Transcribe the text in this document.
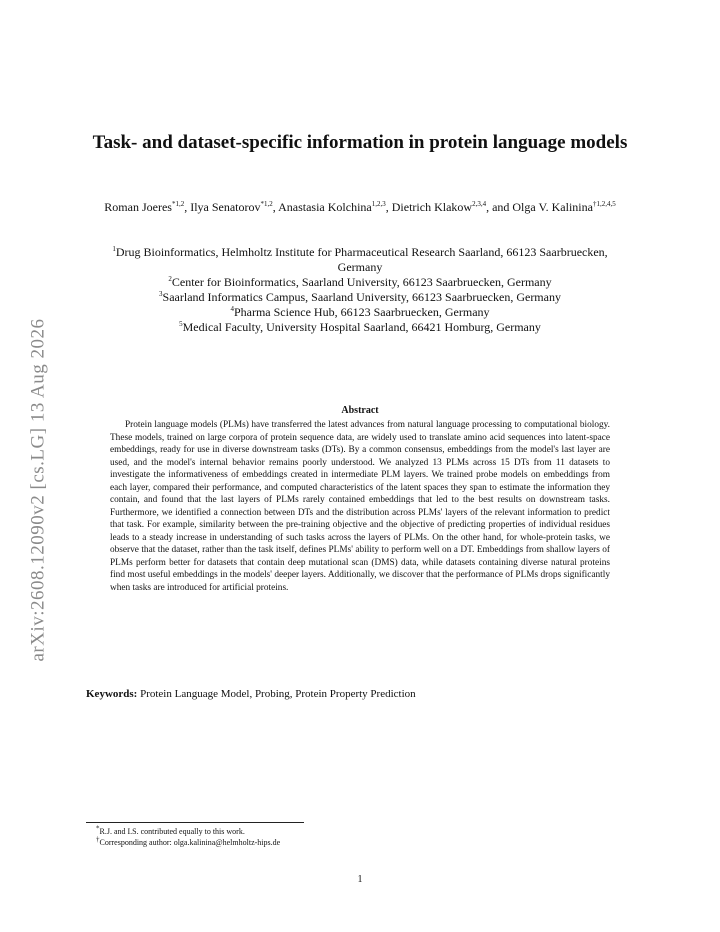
arXiv:2608.12090v2 [cs.LG] 13 Aug 2026
Task- and dataset-specific information in protein language models
Roman Joeres$^{*1,2}$, Ilya Senatorov$^{*1,2}$, Anastasia Kolchina$^{1,2,3}$, Dietrich Klakow$^{2,3,4}$, and Olga V. Kalinina$^{\dagger 1,2,4,5}$
$^1$Drug Bioinformatics, Helmholtz Institute for Pharmaceutical Research Saarland, 66123 Saarbruecken, Germany
$^2$Center for Bioinformatics, Saarland University, 66123 Saarbruecken, Germany
$^3$Saarland Informatics Campus, Saarland University, 66123 Saarbruecken, Germany
$^4$Pharma Science Hub, 66123 Saarbruecken, Germany
$^5$Medical Faculty, University Hospital Saarland, 66421 Homburg, Germany
Abstract

Protein language models (PLMs) have transferred the latest advances from natural language processing to computational biology. These models, trained on large corpora of protein sequence data, are widely used to translate amino acid sequences into latent-space embeddings, ready for use in diverse downstream tasks (DTs). By a common consensus, embeddings from the model's last layer are used, and the model's internal behavior remains poorly understood. We analyzed 13 PLMs across 15 DTs from 11 datasets to investigate the informativeness of embeddings created in intermediate PLM layers. We trained probe models on embeddings from each layer, compared their performance, and computed characteristics of the latent spaces they span to estimate the information they contain, and found that the last layers of PLMs rarely contained embeddings that led to the best results on downstream tasks. Furthermore, we identified a connection between DTs and the distribution across PLMs' layers of the relevant information to predict that task. For example, similarity between the pre-training objective and the objective of predicting properties of individual residues leads to a steady increase in understanding of such tasks across the layers of PLMs. On the other hand, for whole-protein tasks, we observe that the dataset, rather than the task itself, defines PLMs' ability to perform well on a DT. Embeddings from shallow layers of PLMs perform better for datasets that contain deep mutational scan (DMS) data, while datasets containing diverse natural proteins find most useful embeddings in the models' deeper layers. Additionally, we discover that the performance of PLMs drops significantly when tasks are introduced for artificial proteins.

Keywords: Protein Language Model, Probing, Protein Property Prediction
*R.J. and I.S. contributed equally to this work.
†Corresponding author: olga.kalinina@helmholtz-hips.de
1
